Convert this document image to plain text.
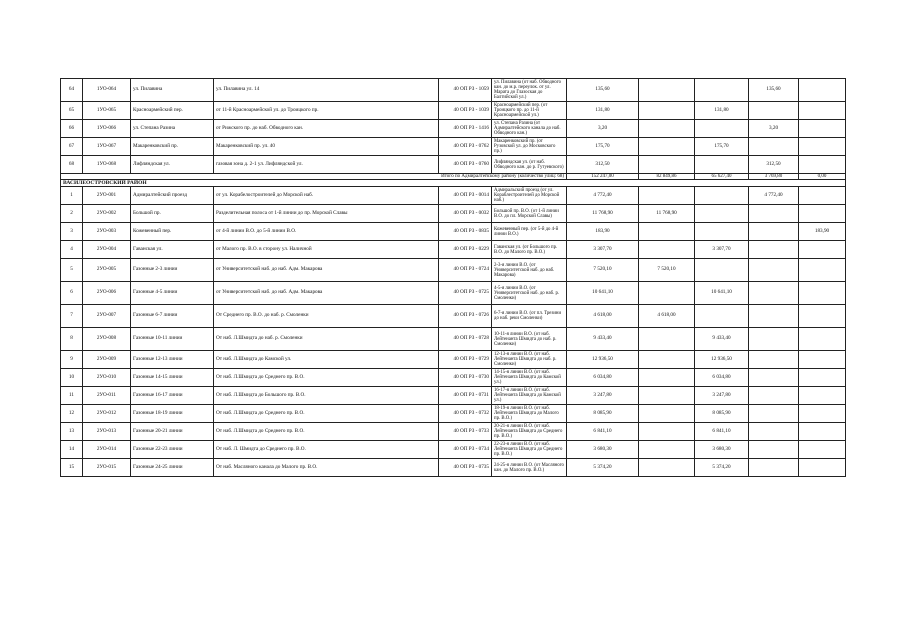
64	1УО-064	ул. Пилавина	ул. Пилавина ул. 14	40 ОП РЗ - 1059	ул. Пилавина (от наб. Обводного кан. до м.р. переулок. от ул. Марата до Глазоская до Балтийской ул.)	135,60			135,60	
65	1УО-065	Красноармейский пер.	от 11-й Красноармейской ул. до Троицкого пр.	40 ОП РЗ - 1039	Красноармейский пер. (от Троицкого пр. до 11-й Красноармейской ул.)	131,80		131,80		
66	1УО-066	ул. Степана Разина	от Рижского пр. до наб. Обводного кан.	40 ОП РЗ - 1416	ул. Степана Разина (от Адмиралтейского канала до наб. Обводного кан.)	3,20			3,20	
67	1УО-067	Макаренковский пр.	Макаренковский пр. ул. 40	40 ОП РЗ - 0762	Макаренковский пр. (от Рузовской ул. до Московского пр.)	175,70		175,70		
68	1УО-068	Лифляндская ул.	газовая зона д. 2-1 ул. Лифляндской ул.	40 ОП РЗ - 0760	Лифляндская ул. (от наб. Обводного кан. до р. Гутуевского)	312,50			312,50	
Итого по Адмиралтейскому району (количество улиц: 68)						152 247,00	82 849,86	65 627,40	3 769,80	0,00
ВАСИЛЕОСТРОВСКИЙ РАЙОН										
1	2УО-001	Адмиралтейский проезд	от ул. Корабелостроителей до Морской наб.	40 ОП РЗ - 0014	Адмиральский проезд (от ул. Кораблестроителей до Морской наб.)	4 772,40			4 772,40	
2	2УО-002	Большой пр.	Разделительная полоса от 1-й линии до пр. Морской Славы	40 ОП РЗ - 0032	Большой пр. В.О. (от 1-й линии В.О. до пл. Морской Славы)	11 768,90	11 768,90			
3	2УО-003	Кожевенный пер.	от 4-й линии В.О. до 5-й линии В.О.	40 ОП РЗ - 0835	Кожевенный пер. (от 5-й до 4-й линии В.О.)	183,90				183,90
4	2УО-004	Гаванская ул.	от Малого пр. В.О. в сторону ул. Наличной	40 ОП РЗ - 0229	Гаванская ул. (от Большого пр. В.О. до Малого пр. В.О.)	3 307,70		3 307,70		
5	2УО-005	Газонные 2-3 линии	от Университетской наб. до наб. Адм. Макарова	40 ОП РЗ - 0724	2-3-я линии В.О. (от Университетской наб. до наб. Макарова)	7 520,10	7 520,10			
6	2УО-006	Газонные 4-5 линии	от Университетской наб. до наб. Адм. Макарова	40 ОП РЗ - 0725	4-5-я линии В.О. (от Университетской наб. до наб. р. Смоленки)	10 641,10		10 641,10		
7	2УО-007	Газонные 6-7 линии	От Среднего пр. В.О. до наб. р. Смоленки	40 ОП РЗ - 0726	6-7-я линии В.О. (от пл. Трезини до наб. реки Смоленки)	4 618,00	4 618,00			
8	2УО-008	Газонные 10-11 линии	От наб. Л.Шмидта до наб. р. Смоленки	40 ОП РЗ - 0728	10-11-я линии В.О. (от наб. Лейтенанта Шмидта до наб. р. Смоленки)	9 433,40		9 433,40		
9	2УО-009	Газонные 12-13 линии	От наб. Л.Шмидта до Камской ул.	40 ОП РЗ - 0729	12-13-я линии В.О. (от наб. Лейтенанта Шмидта до наб. р. Смоленки)	12 936,50		12 936,50		
10	2УО-010	Газонные 14-15 линии	От наб. Л.Шмидта до Среднего пр. В.О.	40 ОП РЗ - 0730	14-15-я линии В.О. (от наб. Лейтенанта Шмидта до Камской ул.)	6 034,80		6 034,80		
11	2УО-011	Газонные 16-17 линии	От наб. Л.Шмидта до Большого пр. В.О.	40 ОП РЗ - 0731	16-17-я линии В.О. (от наб. Лейтенанта Шмидта до Камской ул.)	3 247,80		3 247,80		
12	2УО-012	Газонные 18-19 линии	От наб. Л.Шмидта до Среднего пр. В.О.	40 ОП РЗ - 0732	18-19-я линии В.О. (от наб. Лейтенанта Шмидта до Малого пр. В.О.)	8 085,90		8 085,90		
13	2УО-013	Газонные 20-21 линии	От наб. Л.Шмидта до Среднего пр. В.О.	40 ОП РЗ - 0733	20-21-я линии В.О. (от наб. Лейтенанта Шмидта до Среднего пр. В.О.)	6 841,10		6 841,10		
14	2УО-014	Газонные 22-23 линии	От наб. Л. Шмидта до Среднего пр. В.О.	40 ОП РЗ - 0734	22-23-я линии В.О. (от наб. Лейтенанта Шмидта до Среднего пр. В.О.)	3 680,30		3 680,30		
15	2УО-015	Газонные 24-25 линии	От наб. Масляного канала до Малого пр. В.О.	40 ОП РЗ - 0735	24-25-я линии В.О. (от Масляного кан. до Малого пр. В.О.)	5 374,20		5 374,20		
